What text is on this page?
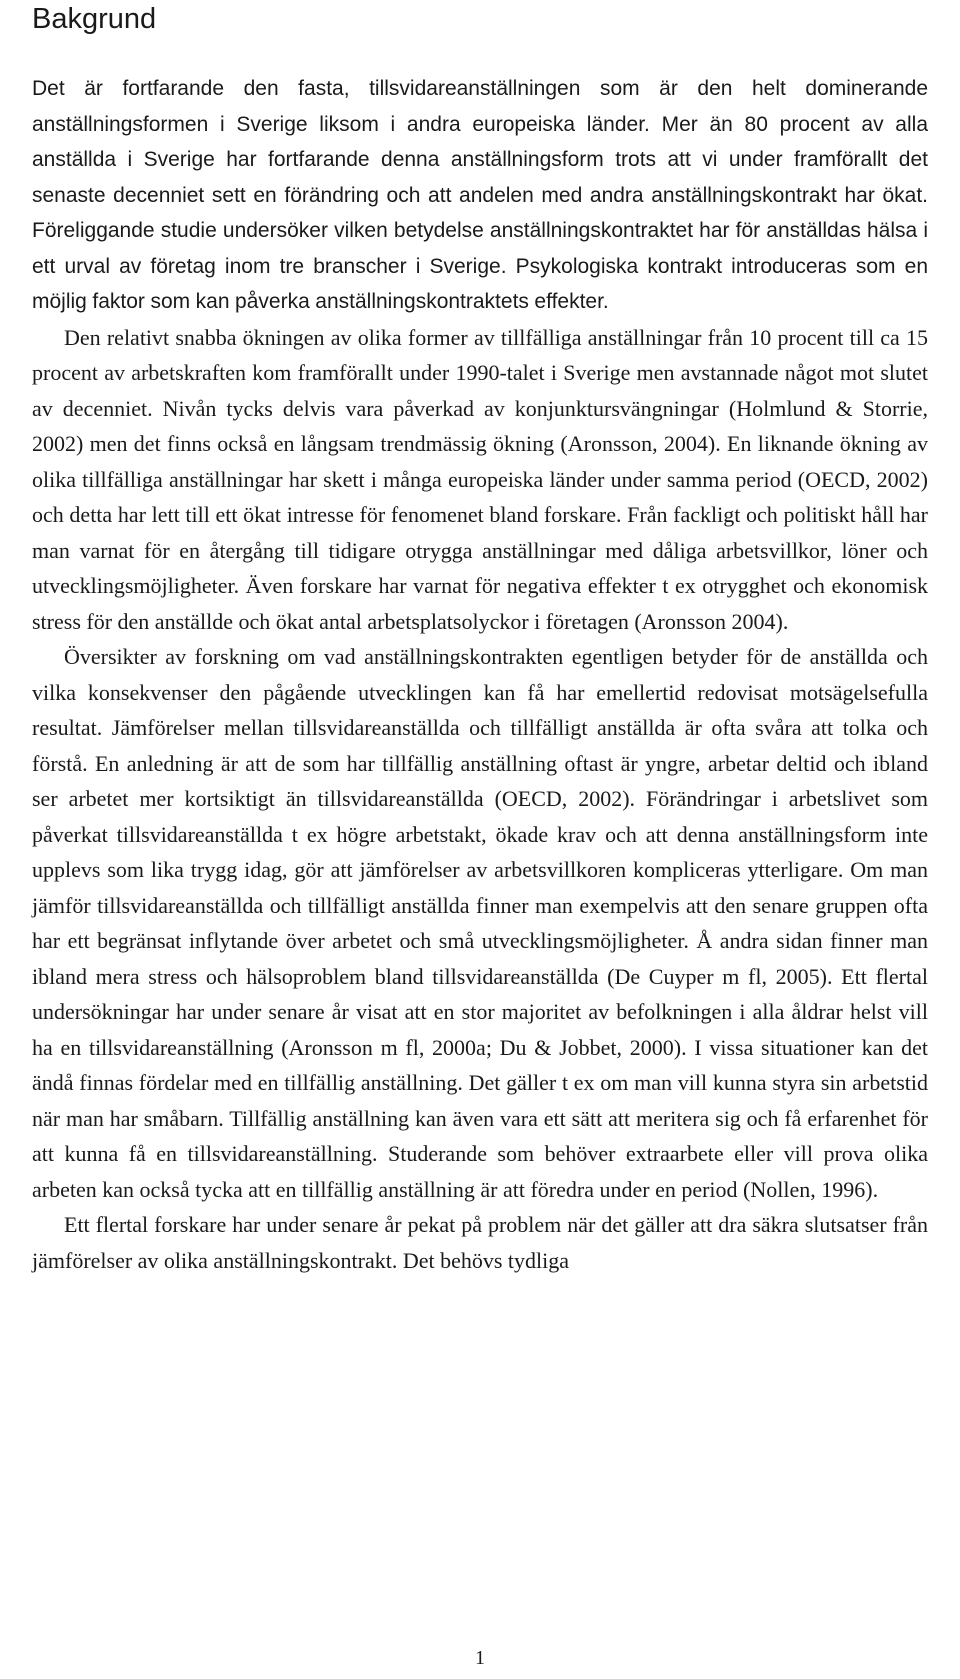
Bakgrund

Det är fortfarande den fasta, tillsvidareanställningen som är den helt dominerande anställningsformen i Sverige liksom i andra europeiska länder. Mer än 80 procent av alla anställda i Sverige har fortfarande denna anställningsform trots att vi under framförallt det senaste decenniet sett en förändring och att andelen med andra anställningskontrakt har ökat. Föreliggande studie undersöker vilken betydelse anställningskontraktet har för anställdas hälsa i ett urval av företag inom tre branscher i Sverige. Psykologiska kontrakt introduceras som en möjlig faktor som kan påverka anställningskontraktets effekter.

Den relativt snabba ökningen av olika former av tillfälliga anställningar från 10 procent till ca 15 procent av arbetskraften kom framförallt under 1990-talet i Sverige men avstannade något mot slutet av decenniet. Nivån tycks delvis vara påverkad av konjunktursvängningar (Holmlund & Storrie, 2002) men det finns också en långsam trendmässig ökning (Aronsson, 2004). En liknande ökning av olika tillfälliga anställningar har skett i många europeiska länder under samma period (OECD, 2002) och detta har lett till ett ökat intresse för fenomenet bland forskare. Från fackligt och politiskt håll har man varnat för en återgång till tidigare otrygga anställningar med dåliga arbetsvillkor, löner och utvecklingsmöjligheter. Även forskare har varnat för negativa effekter t ex otrygghet och ekonomisk stress för den anställde och ökat antal arbetsplatsolyckor i företagen (Aronsson 2004).

Översikter av forskning om vad anställningskontrakten egentligen betyder för de anställda och vilka konsekvenser den pågående utvecklingen kan få har emellertid redovisat motsägelsefulla resultat. Jämförelser mellan tillsvidareanställda och tillfälligt anställda är ofta svåra att tolka och förstå. En anledning är att de som har tillfällig anställning oftast är yngre, arbetar deltid och ibland ser arbetet mer kortsiktigt än tillsvidareanställda (OECD, 2002). Förändringar i arbetslivet som påverkat tillsvidareanställda t ex högre arbetstakt, ökade krav och att denna anställningsform inte upplevs som lika trygg idag, gör att jämförelser av arbetsvillkoren kompliceras ytterligare. Om man jämför tillsvidareanställda och tillfälligt anställda finner man exempelvis att den senare gruppen ofta har ett begränsat inflytande över arbetet och små utvecklingsmöjligheter. Å andra sidan finner man ibland mera stress och hälsoproblem bland tillsvidareanställda (De Cuyper m fl, 2005). Ett flertal undersökningar har under senare år visat att en stor majoritet av befolkningen i alla åldrar helst vill ha en tillsvidareanställning (Aronsson m fl, 2000a; Du & Jobbet, 2000). I vissa situationer kan det ändå finnas fördelar med en tillfällig anställning. Det gäller t ex om man vill kunna styra sin arbetstid när man har småbarn. Tillfällig anställning kan även vara ett sätt att meritera sig och få erfarenhet för att kunna få en tillsvidareanställning. Studerande som behöver extraarbete eller vill prova olika arbeten kan också tycka att en tillfällig anställning är att föredra under en period (Nollen, 1996).

Ett flertal forskare har under senare år pekat på problem när det gäller att dra säkra slutsatser från jämförelser av olika anställningskontrakt. Det behövs tydliga

1
